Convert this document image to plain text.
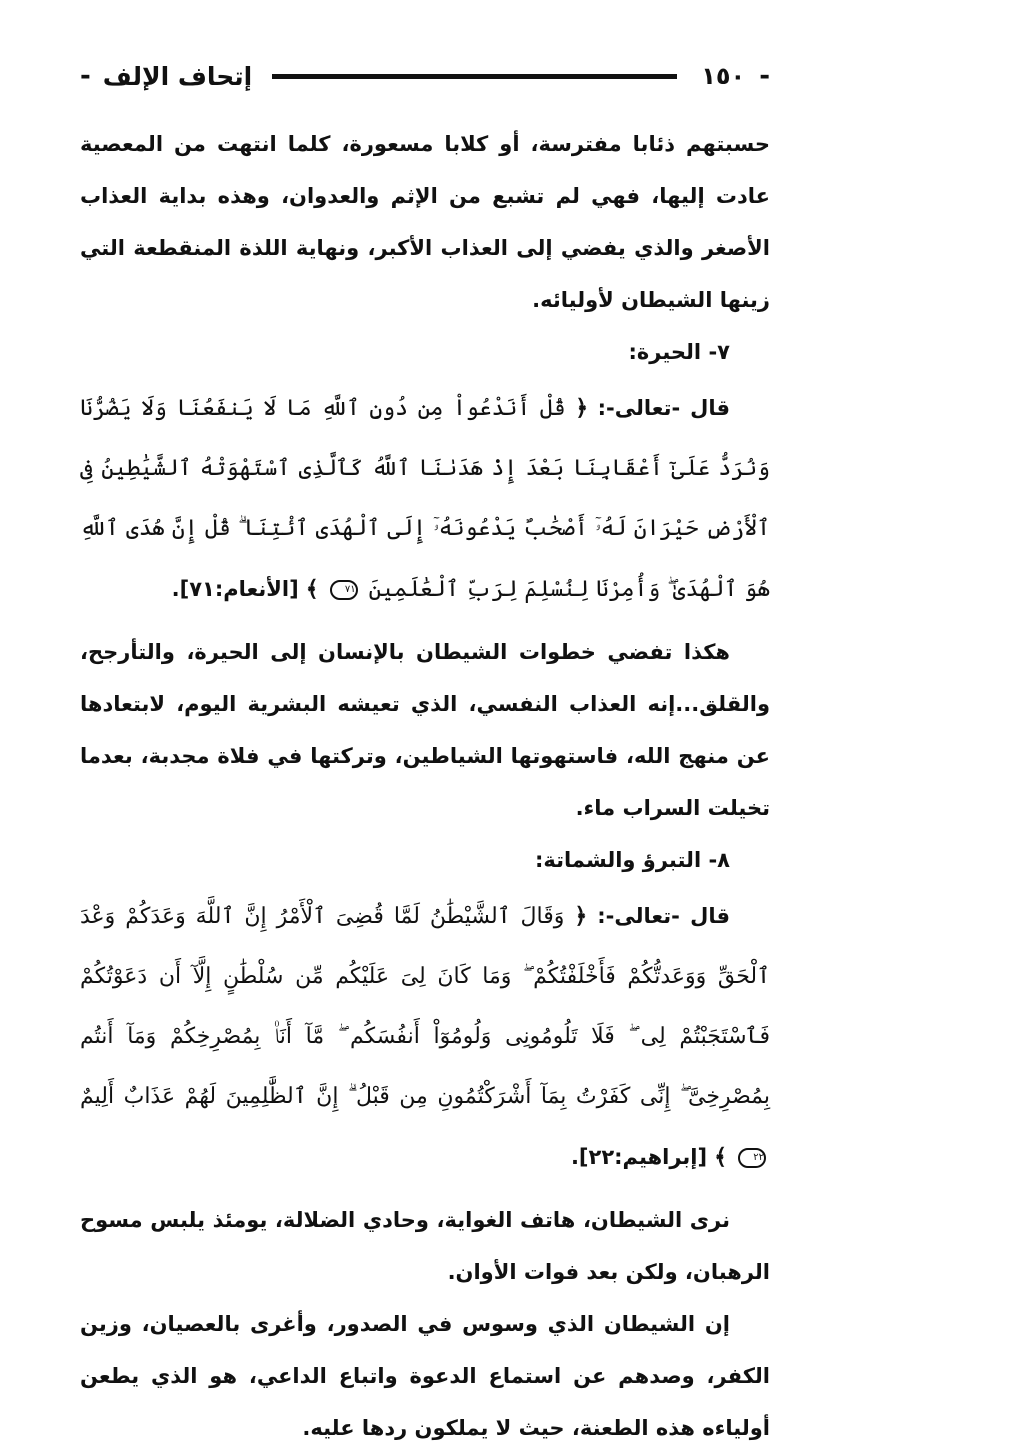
-
١٥٠
إتحاف الإلف
-

حسبتهم ذئابا مفترسة، أو كلابا مسعورة، كلما انتهت من المعصية عادت إليها، فهي لم تشبع من الإثم والعدوان، وهذه بداية العذاب الأصغر والذي يفضي إلى العذاب الأكبر، ونهاية اللذة المنقطعة التي زينها الشيطان لأوليائه.

٧- الحيرة:

قال -تعالى-: ﴿ قُلْ أَنَدْعُواْ مِن دُونِ ٱللَّهِ مَا لَا يَنفَعُنَا وَلَا يَضُرُّنَا وَنُرَدُّ عَلَىٰٓ أَعْقَابِنَا بَعْدَ إِذْ هَدَىٰنَا ٱللَّهُ كَٱلَّذِى ٱسْتَهْوَتْهُ ٱلشَّيَٰطِينُ فِى ٱلْأَرْضِ حَيْرَانَ لَهُۥٓ أَصْحَٰبٌ يَدْعُونَهُۥٓ إِلَى ٱلْهُدَى ٱئْتِنَا ۗ قُلْ إِنَّ هُدَى ٱللَّهِ هُوَ ٱلْهُدَىٰ ۖ وَأُمِرْنَا لِنُسْلِمَ لِرَبِّ ٱلْعَٰلَمِينَ ٧١ ﴾ [الأنعام:٧١].

هكذا تفضي خطوات الشيطان بالإنسان إلى الحيرة، والتأرجح، والقلق...إنه العذاب النفسي، الذي تعيشه البشرية اليوم، لابتعادها عن منهج الله، فاستهوتها الشياطين، وتركتها في فلاة مجدبة، بعدما تخيلت السراب ماء.

٨- التبرؤ والشماتة:

قال -تعالى-: ﴿ وَقَالَ ٱلشَّيْطَٰنُ لَمَّا قُضِىَ ٱلْأَمْرُ إِنَّ ٱللَّهَ وَعَدَكُمْ وَعْدَ ٱلْحَقِّ وَوَعَدتُّكُمْ فَأَخْلَفْتُكُمْ ۖ وَمَا كَانَ لِىَ عَلَيْكُم مِّن سُلْطَٰنٍ إِلَّآ أَن دَعَوْتُكُمْ فَٱسْتَجَبْتُمْ لِى ۖ فَلَا تَلُومُونِى وَلُومُوٓاْ أَنفُسَكُم ۖ مَّآ أَنَا۠ بِمُصْرِخِكُمْ وَمَآ أَنتُم بِمُصْرِخِىَّ ۖ إِنِّى كَفَرْتُ بِمَآ أَشْرَكْتُمُونِ مِن قَبْلُ ۗ إِنَّ ٱلظَّٰلِمِينَ لَهُمْ عَذَابٌ أَلِيمٌ ٢٢ ﴾ [إبراهيم:٢٢].

نرى الشيطان، هاتف الغواية، وحادي الضلالة، يومئذ يلبس مسوح الرهبان، ولكن بعد فوات الأوان.

إن الشيطان الذي وسوس في الصدور، وأغرى بالعصيان، وزين الكفر، وصدهم عن استماع الدعوة واتباع الداعي، هو الذي يطعن أولياءه هذه الطعنة، حيث لا يملكون ردها عليه.
